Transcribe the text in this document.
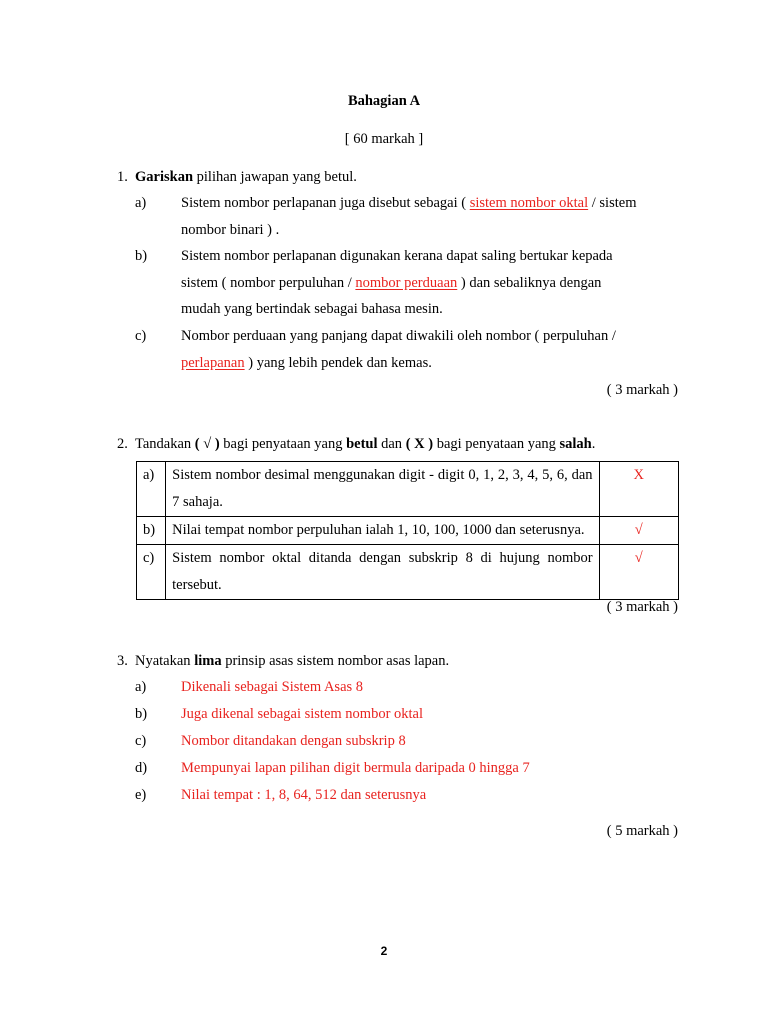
Bahagian A
[ 60 markah ]
1. Gariskan pilihan jawapan yang betul.
a) Sistem nombor perlapanan juga disebut sebagai ( sistem nombor oktal / sistem
nombor binari ) .
b) Sistem nombor perlapanan digunakan kerana dapat saling bertukar kepada
sistem ( nombor perpuluhan / nombor perduaan ) dan sebaliknya dengan
mudah yang bertindak sebagai bahasa mesin.
c) Nombor perduaan yang panjang dapat diwakili oleh nombor ( perpuluhan /
perlapanan ) yang lebih pendek dan kemas.
( 3 markah )
2. Tandakan ( √ ) bagi penyataan yang betul dan ( X ) bagi penyataan yang salah.
a)	Sistem nombor desimal menggunakan digit - digit 0, 1, 2, 3, 4, 5, 6, dan 7 sahaja.	X
b)	Nilai tempat nombor perpuluhan ialah 1, 10, 100, 1000 dan seterusnya.	√
c)	Sistem nombor oktal ditanda dengan subskrip 8 di hujung nombor tersebut.	√
( 3 markah )
3. Nyatakan lima prinsip asas sistem nombor asas lapan.
a) Dikenali sebagai Sistem Asas 8
b) Juga dikenal sebagai sistem nombor oktal
c) Nombor ditandakan dengan subskrip 8
d) Mempunyai lapan pilihan digit bermula daripada 0 hingga 7
e) Nilai tempat : 1, 8, 64, 512 dan seterusnya
( 5 markah )
2
